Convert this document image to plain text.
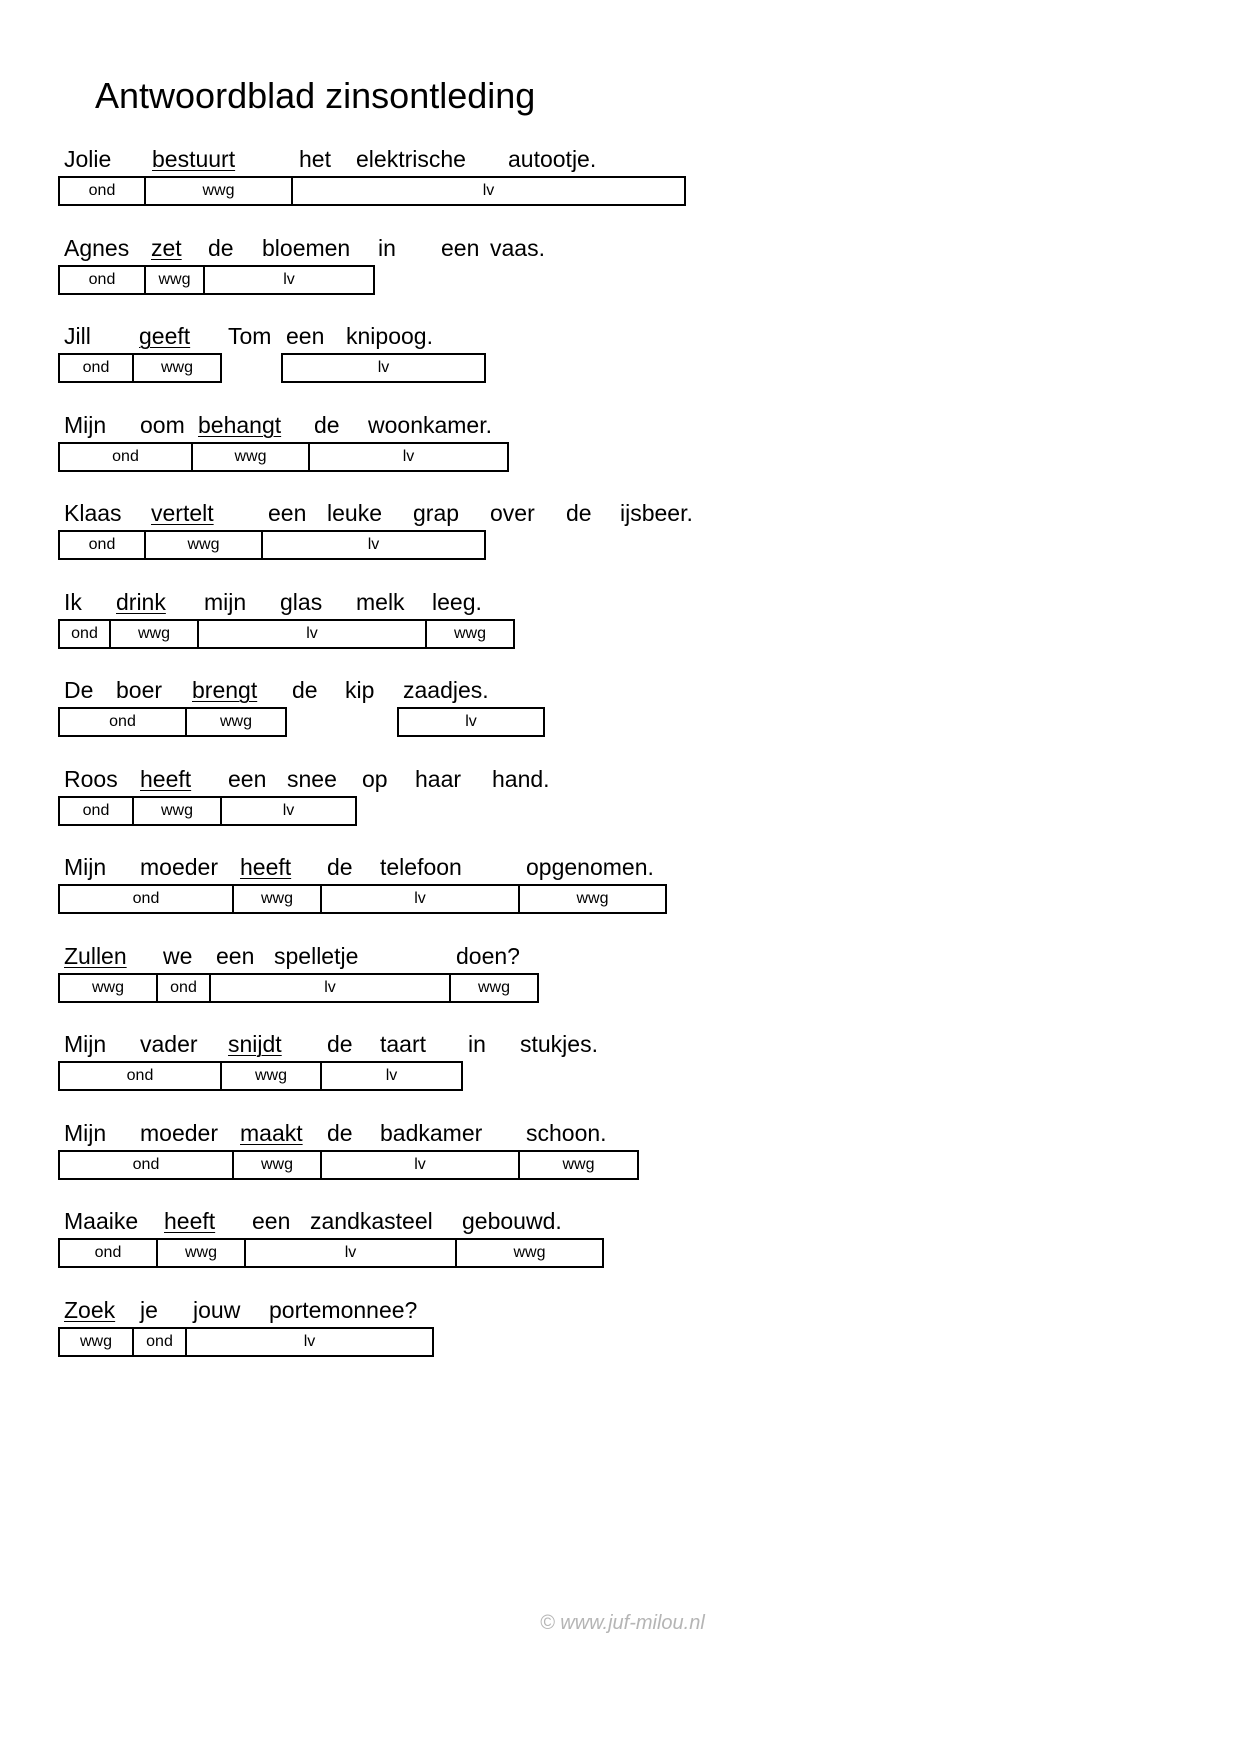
Antwoordblad zinsontleding
Jolie bestuurt	het elektrische autootje.
ond	wwg	lv
Agnes zet de bloemen in een vaas.
ond	wwg	lv
Jill geeft Tom een knipoog.
ond	wwg	lv
Mijn oom behangt de woonkamer.
ond	wwg	lv
Klaas vertelt een leuke grap over de ijsbeer.
ond	wwg	lv
Ik drink mijn glas melk leeg.
ond	wwg	lv	wwg
De boer brengt de kip zaadjes.
ond	wwg	lv
Roos heeft een snee op haar hand.
ond	wwg	lv
Mijn moeder heeft de telefoon	opgenomen.
ond	wwg	lv	wwg
Zullen we een spelletje	doen?
wwg	ond	lv	wwg
Mijn vader snijdt de taart in stukjes.
ond	wwg	lv
Mijn moeder maakt de badkamer schoon.
ond	wwg	lv	wwg
Maaike heeft een zandkasteel gebouwd.
ond	wwg	lv	wwg
Zoek je jouw portemonnee?
wwg ond	lv
© www.juf-milou.nl
